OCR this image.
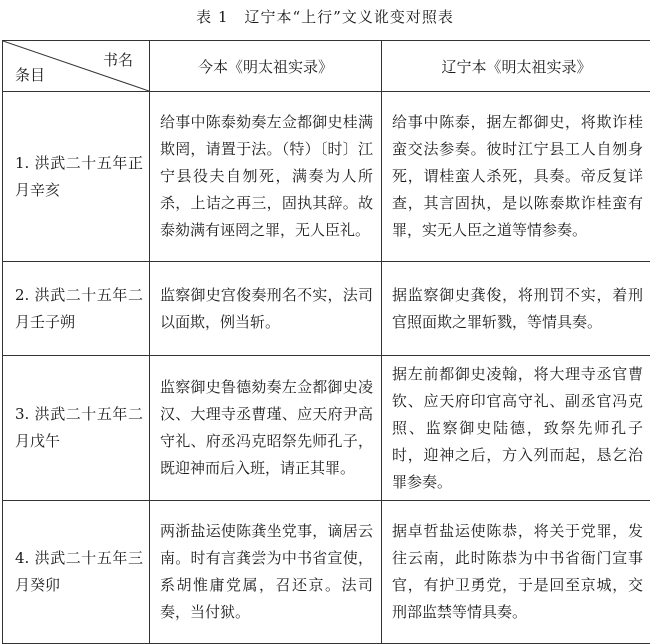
表 1　辽宁本“上行”文义讹变对照表
书名
条目	今本《明太祖实录》	辽宁本《明太祖实录》
1. 洪武二十五年正月辛亥	给事中陈泰劾奏左佥都御史桂满欺罔，请置于法。（特）〔时〕江宁县役夫自刎死，满奏为人所杀，上诘之再三，固执其辞。故泰劾满有诬罔之罪，无人臣礼。	给事中陈泰，据左都御史，将欺诈桂蛮交法参奏。彼时江宁县工人自刎身死，谓桂蛮人杀死，具奏。帝反复详查，其言固执，是以陈泰欺诈桂蛮有罪，实无人臣之道等情参奏。
2. 洪武二十五年二月壬子朔	监察御史宫俊奏刑名不实，法司以面欺，例当斩。	据监察御史龚俊，将刑罚不实，着刑官照面欺之罪斩戮，等情具奏。
3. 洪武二十五年二月戊午	监察御史鲁德劾奏左佥都御史凌汉、大理寺丞曹瑾、应天府尹高守礼、府丞冯克昭祭先师孔子，既迎神而后入班，请正其罪。	据左前都御史凌翰，将大理寺丞官曹钦、应天府印官高守礼、副丞官冯克照、监察御史陆德，致祭先师孔子时，迎神之后，方入列而起，恳乞治罪参奏。
4. 洪武二十五年三月癸卯	两浙盐运使陈龚坐党事，谪居云南。时有言龚尝为中书省宣使，系胡惟庸党属，召还京。法司奏，当付狱。	据卓哲盐运使陈恭，将关于党罪，发往云南，此时陈恭为中书省衙门宣事官，有护卫勇党，于是回至京城，交刑部监禁等情具奏。
